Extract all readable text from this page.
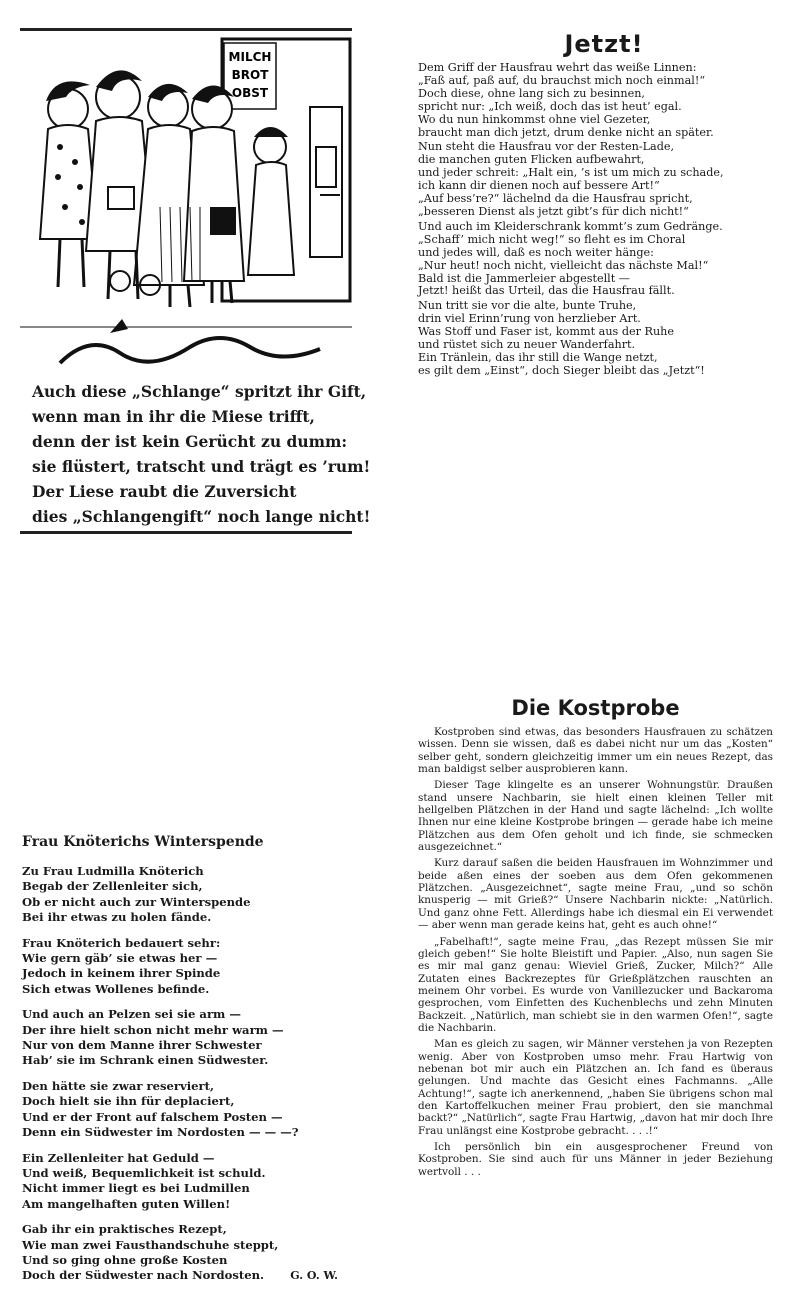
MILCH
BROT
OBST
Auch diese „Schlange“ spritzt ihr Gift,
wenn man in ihr die Miese trifft,
denn der ist kein Gerücht zu dumm:
sie flüstert, tratscht und trägt es ’rum!
Der Liese raubt die Zuversicht
dies „Schlangengift“ noch lange nicht!
Jetzt!
Dem Griff der Hausfrau wehrt das weiße Linnen:
„Faß auf, paß auf, du brauchst mich noch einmal!“
Doch diese, ohne lang sich zu besinnen,
spricht nur: „Ich weiß, doch das ist heut’ egal.
Wo du nun hinkommst ohne viel Gezeter,
braucht man dich jetzt, drum denke nicht an später.
Nun steht die Hausfrau vor der Resten-Lade,
die manchen guten Flicken aufbewahrt,
und jeder schreit: „Halt ein, ’s ist um mich zu schade,
ich kann dir dienen noch auf bessere Art!“
„Auf bess’re?“ lächelnd da die Hausfrau spricht,
„besseren Dienst als jetzt gibt’s für dich nicht!“
Und auch im Kleiderschrank kommt’s zum Gedränge.
„Schaff’ mich nicht weg!“ so fleht es im Choral
und jedes will, daß es noch weiter hänge:
„Nur heut! noch nicht, vielleicht das nächste Mal!“
Bald ist die Jammerleier abgestellt —
Jetzt! heißt das Urteil, das die Hausfrau fällt.
Nun tritt sie vor die alte, bunte Truhe,
drin viel Erinn’rung von herzlieber Art.
Was Stoff und Faser ist, kommt aus der Ruhe
und rüstet sich zu neuer Wanderfahrt.
Ein Tränlein, das ihr still die Wange netzt,
es gilt dem „Einst“, doch Sieger bleibt das „Jetzt“!
Frau Knöterichs Winterspende
Zu Frau Ludmilla Knöterich
Begab der Zellenleiter sich,
Ob er nicht auch zur Winterspende
Bei ihr etwas zu holen fände.
Frau Knöterich bedauert sehr:
Wie gern gäb’ sie etwas her —
Jedoch in keinem ihrer Spinde
Sich etwas Wollenes befinde.
Und auch an Pelzen sei sie arm —
Der ihre hielt schon nicht mehr warm —
Nur von dem Manne ihrer Schwester
Hab’ sie im Schrank einen Südwester.
Den hätte sie zwar reserviert,
Doch hielt sie ihn für deplaciert,
Und er der Front auf falschem Posten —
Denn ein Südwester im Nordosten — — —?
Ein Zellenleiter hat Geduld —
Und weiß, Bequemlichkeit ist schuld.
Nicht immer liegt es bei Ludmillen
Am mangelhaften guten Willen!
Gab ihr ein praktisches Rezept,
Wie man zwei Fausthandschuhe steppt,
Und so ging ohne große Kosten
Doch der Südwester nach Nordosten.	G. O. W.
Die Kostprobe

Kostproben sind etwas, das besonders Hausfrauen zu schätzen wissen. Denn sie wissen, daß es dabei nicht nur um das „Kosten“ selber geht, sondern gleichzeitig immer um ein neues Rezept, das man baldigst selber ausprobieren kann.

Dieser Tage klingelte es an unserer Wohnungstür. Draußen stand unsere Nachbarin, sie hielt einen kleinen Teller mit hellgelben Plätzchen in der Hand und sagte lächelnd: „Ich wollte Ihnen nur eine kleine Kostprobe bringen — gerade habe ich meine Plätzchen aus dem Ofen geholt und ich finde, sie schmecken ausgezeichnet.“

Kurz darauf saßen die beiden Hausfrauen im Wohnzimmer und beide aßen eines der soeben aus dem Ofen gekommenen Plätzchen. „Ausgezeichnet“, sagte meine Frau, „und so schön knusperig — mit Grieß?“ Unsere Nachbarin nickte: „Natürlich. Und ganz ohne Fett. Allerdings habe ich diesmal ein Ei verwendet — aber wenn man gerade keins hat, geht es auch ohne!“

„Fabelhaft!“, sagte meine Frau, „das Rezept müssen Sie mir gleich geben!“ Sie holte Bleistift und Papier. „Also, nun sagen Sie es mir mal ganz genau: Wieviel Grieß, Zucker, Milch?“ Alle Zutaten eines Backrezeptes für Grießplätzchen rauschten an meinem Ohr vorbei. Es wurde von Vanillezucker und Backaroma gesprochen, vom Einfetten des Kuchenblechs und zehn Minuten Backzeit. „Natürlich, man schiebt sie in den warmen Ofen!“, sagte die Nachbarin.

Man es gleich zu sagen, wir Männer verstehen ja von Rezepten wenig. Aber von Kostproben umso mehr. Frau Hartwig von nebenan bot mir auch ein Plätzchen an. Ich fand es überaus gelungen. Und machte das Gesicht eines Fachmanns. „Alle Achtung!“, sagte ich anerkennend, „haben Sie übrigens schon mal den Kartoffelkuchen meiner Frau probiert, den sie manchmal backt?“ „Natürlich“, sagte Frau Hartwig, „davon hat mir doch Ihre Frau unlängst eine Kostprobe gebracht. . . .!“

Ich persönlich bin ein ausgesprochener Freund von Kostproben. Sie sind auch für uns Männer in jeder Beziehung wertvoll . . .
